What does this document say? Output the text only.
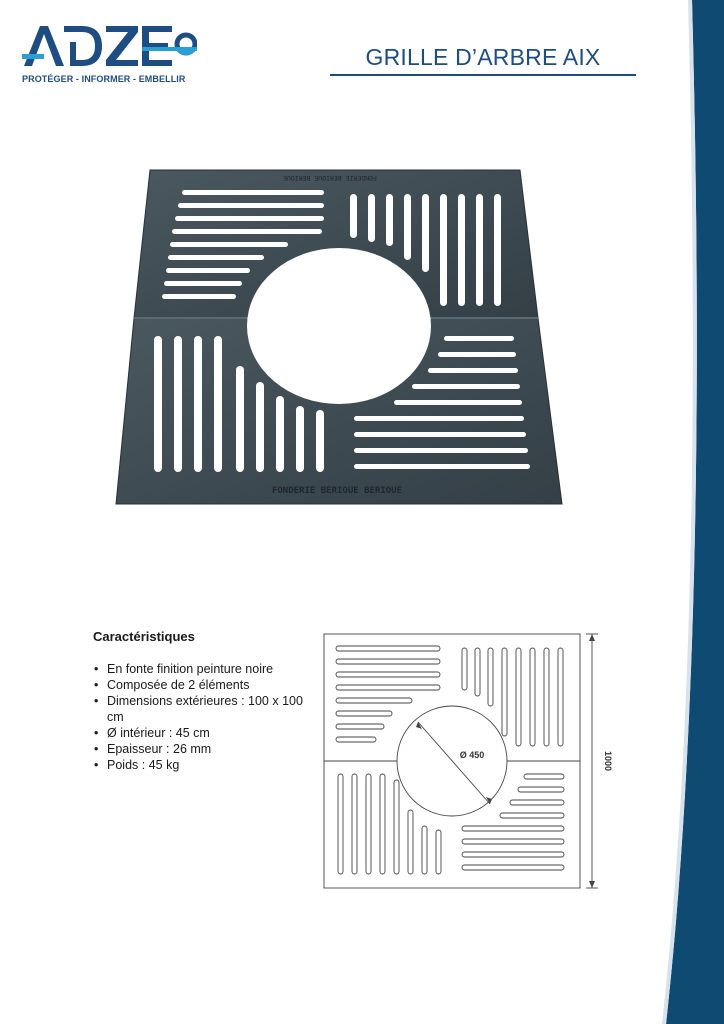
PROTÉGER - INFORMER - EMBELLIR
GRILLE D’ARBRE AIX
FONDERIE BERIOUE BERIOUE
FONDERIE BERIOUE BERIOUE
Caractéristiques
• En fonte finition peinture noire
• Composée de 2 éléments
• Dimensions extérieures : 100 x 100 cm
• Ø intérieur : 45 cm
• Epaisseur : 26 mm
• Poids : 45 kg
Ø 450	1000
